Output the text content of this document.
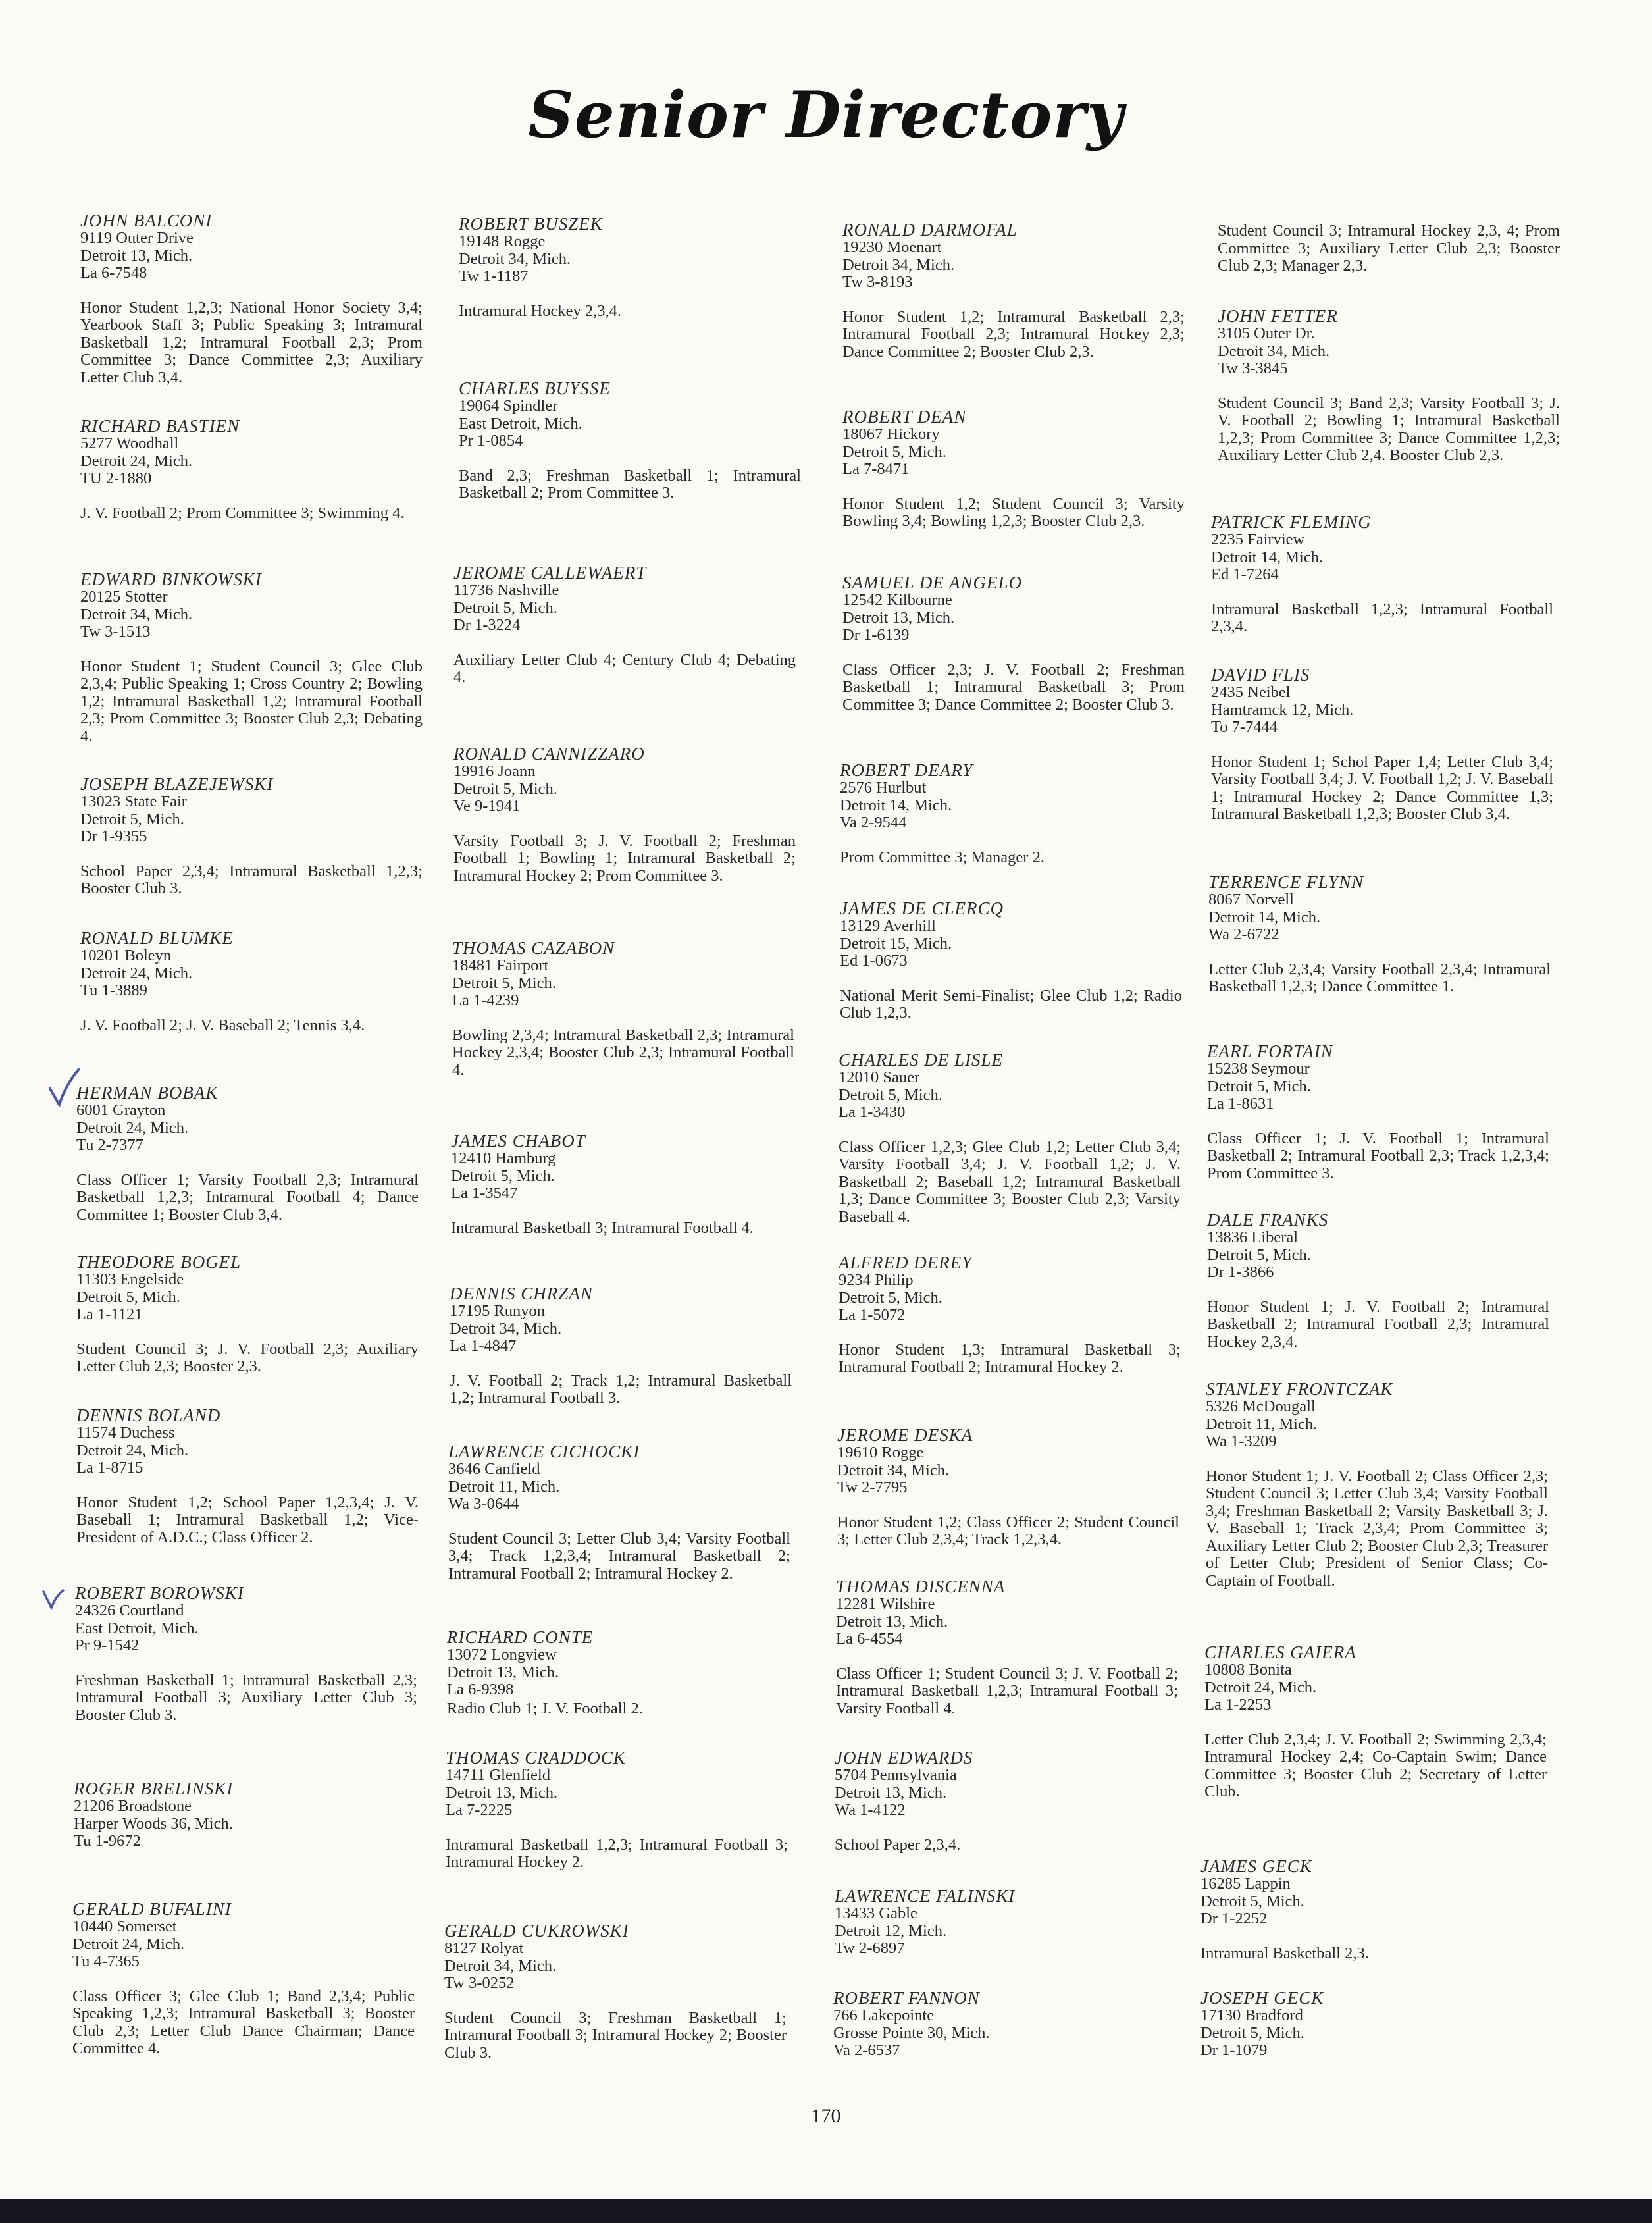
Senior Directory
JOHN BALCONI
9119 Outer Drive
Detroit 13, Mich.
La 6-7548
Honor Student 1,2,3; National Honor Society 3,4; Yearbook Staff 3; Public Speaking 3; Intramural Basketball 1,2; Intramural Football 2,3; Prom Committee 3; Dance Committee 2,3; Auxiliary Letter Club 3,4.
RICHARD BASTIEN
5277 Woodhall
Detroit 24, Mich.
TU 2-1880
J. V. Football 2; Prom Committee 3; Swimming 4.
EDWARD BINKOWSKI
20125 Stotter
Detroit 34, Mich.
Tw 3-1513
Honor Student 1; Student Council 3; Glee Club 2,3,4; Public Speaking 1; Cross Country 2; Bowling 1,2; Intramural Basketball 1,2; Intramural Football 2,3; Prom Committee 3; Booster Club 2,3; Debating 4.
JOSEPH BLAZEJEWSKI
13023 State Fair
Detroit 5, Mich.
Dr 1-9355
School Paper 2,3,4; Intramural Basketball 1,2,3; Booster Club 3.
RONALD BLUMKE
10201 Boleyn
Detroit 24, Mich.
Tu 1-3889
J. V. Football 2; J. V. Baseball 2; Tennis 3,4.
HERMAN BOBAK
6001 Grayton
Detroit 24, Mich.
Tu 2-7377
Class Officer 1; Varsity Football 2,3; Intramural Basketball 1,2,3; Intramural Football 4; Dance Committee 1; Booster Club 3,4.
THEODORE BOGEL
11303 Engelside
Detroit 5, Mich.
La 1-1121
Student Council 3; J. V. Football 2,3; Auxiliary Letter Club 2,3; Booster 2,3.
DENNIS BOLAND
11574 Duchess
Detroit 24, Mich.
La 1-8715
Honor Student 1,2; School Paper 1,2,3,4; J. V. Baseball 1; Intramural Basketball 1,2; Vice-President of A.D.C.; Class Officer 2.
ROBERT BOROWSKI
24326 Courtland
East Detroit, Mich.
Pr 9-1542
Freshman Basketball 1; Intramural Basketball 2,3; Intramural Football 3; Auxiliary Letter Club 3; Booster Club 3.
ROGER BRELINSKI
21206 Broadstone
Harper Woods 36, Mich.
Tu 1-9672
GERALD BUFALINI
10440 Somerset
Detroit 24, Mich.
Tu 4-7365
Class Officer 3; Glee Club 1; Band 2,3,4; Public Speaking 1,2,3; Intramural Basketball 3; Booster Club 2,3; Letter Club Dance Chairman; Dance Committee 4.
ROBERT BUSZEK
19148 Rogge
Detroit 34, Mich.
Tw 1-1187
Intramural Hockey 2,3,4.
CHARLES BUYSSE
19064 Spindler
East Detroit, Mich.
Pr 1-0854
Band 2,3; Freshman Basketball 1; Intramural Basketball 2; Prom Committee 3.
JEROME CALLEWAERT
11736 Nashville
Detroit 5, Mich.
Dr 1-3224
Auxiliary Letter Club 4; Century Club 4; Debating 4.
RONALD CANNIZZARO
19916 Joann
Detroit 5, Mich.
Ve 9-1941
Varsity Football 3; J. V. Football 2; Freshman Football 1; Bowling 1; Intramural Basketball 2; Intramural Hockey 2; Prom Committee 3.
THOMAS CAZABON
18481 Fairport
Detroit 5, Mich.
La 1-4239
Bowling 2,3,4; Intramural Basketball 2,3; Intramural Hockey 2,3,4; Booster Club 2,3; Intramural Football 4.
JAMES CHABOT
12410 Hamburg
Detroit 5, Mich.
La 1-3547
Intramural Basketball 3; Intramural Football 4.
DENNIS CHRZAN
17195 Runyon
Detroit 34, Mich.
La 1-4847
J. V. Football 2; Track 1,2; Intramural Basketball 1,2; Intramural Football 3.
LAWRENCE CICHOCKI
3646 Canfield
Detroit 11, Mich.
Wa 3-0644
Student Council 3; Letter Club 3,4; Varsity Football 3,4; Track 1,2,3,4; Intramural Basketball 2; Intramural Football 2; Intramural Hockey 2.
RICHARD CONTE
13072 Longview
Detroit 13, Mich.
La 6-9398
Radio Club 1; J. V. Football 2.
THOMAS CRADDOCK
14711 Glenfield
Detroit 13, Mich.
La 7-2225
Intramural Basketball 1,2,3; Intramural Football 3; Intramural Hockey 2.
GERALD CUKROWSKI
8127 Rolyat
Detroit 34, Mich.
Tw 3-0252
Student Council 3; Freshman Basketball 1; Intramural Football 3; Intramural Hockey 2; Booster Club 3.
RONALD DARMOFAL
19230 Moenart
Detroit 34, Mich.
Tw 3-8193
Honor Student 1,2; Intramural Basketball 2,3; Intramural Football 2,3; Intramural Hockey 2,3; Dance Committee 2; Booster Club 2,3.
ROBERT DEAN
18067 Hickory
Detroit 5, Mich.
La 7-8471
Honor Student 1,2; Student Council 3; Varsity Bowling 3,4; Bowling 1,2,3; Booster Club 2,3.
SAMUEL DE ANGELO
12542 Kilbourne
Detroit 13, Mich.
Dr 1-6139
Class Officer 2,3; J. V. Football 2; Freshman Basketball 1; Intramural Basketball 3; Prom Committee 3; Dance Committee 2; Booster Club 3.
ROBERT DEARY
2576 Hurlbut
Detroit 14, Mich.
Va 2-9544
Prom Committee 3; Manager 2.
JAMES DE CLERCQ
13129 Averhill
Detroit 15, Mich.
Ed 1-0673
National Merit Semi-Finalist; Glee Club 1,2; Radio Club 1,2,3.
CHARLES DE LISLE
12010 Sauer
Detroit 5, Mich.
La 1-3430
Class Officer 1,2,3; Glee Club 1,2; Letter Club 3,4; Varsity Football 3,4; J. V. Football 1,2; J. V. Basketball 2; Baseball 1,2; Intramural Basketball 1,3; Dance Committee 3; Booster Club 2,3; Varsity Baseball 4.
ALFRED DEREY
9234 Philip
Detroit 5, Mich.
La 1-5072
Honor Student 1,3; Intramural Basketball 3; Intramural Football 2; Intramural Hockey 2.
JEROME DESKA
19610 Rogge
Detroit 34, Mich.
Tw 2-7795
Honor Student 1,2; Class Officer 2; Student Council 3; Letter Club 2,3,4; Track 1,2,3,4.
THOMAS DISCENNA
12281 Wilshire
Detroit 13, Mich.
La 6-4554
Class Officer 1; Student Council 3; J. V. Football 2; Intramural Basketball 1,2,3; Intramural Football 3; Varsity Football 4.
JOHN EDWARDS
5704 Pennsylvania
Detroit 13, Mich.
Wa 1-4122
School Paper 2,3,4.
LAWRENCE FALINSKI
13433 Gable
Detroit 12, Mich.
Tw 2-6897
ROBERT FANNON
766 Lakepointe
Grosse Pointe 30, Mich.
Va 2-6537
Student Council 3; Intramural Hockey 2,3, 4; Prom Committee 3; Auxiliary Letter Club 2,3; Booster Club 2,3; Manager 2,3.
JOHN FETTER
3105 Outer Dr.
Detroit 34, Mich.
Tw 3-3845
Student Council 3; Band 2,3; Varsity Football 3; J. V. Football 2; Bowling 1; Intramural Basketball 1,2,3; Prom Committee 3; Dance Committee 1,2,3; Auxiliary Letter Club 2,4. Booster Club 2,3.
PATRICK FLEMING
2235 Fairview
Detroit 14, Mich.
Ed 1-7264
Intramural Basketball 1,2,3; Intramural Football 2,3,4.
DAVID FLIS
2435 Neibel
Hamtramck 12, Mich.
To 7-7444
Honor Student 1; Schol Paper 1,4; Letter Club 3,4; Varsity Football 3,4; J. V. Football 1,2; J. V. Baseball 1; Intramural Hockey 2; Dance Committee 1,3; Intramural Basketball 1,2,3; Booster Club 3,4.
TERRENCE FLYNN
8067 Norvell
Detroit 14, Mich.
Wa 2-6722
Letter Club 2,3,4; Varsity Football 2,3,4; Intramural Basketball 1,2,3; Dance Committee 1.
EARL FORTAIN
15238 Seymour
Detroit 5, Mich.
La 1-8631
Class Officer 1; J. V. Football 1; Intramural Basketball 2; Intramural Football 2,3; Track 1,2,3,4; Prom Committee 3.
DALE FRANKS
13836 Liberal
Detroit 5, Mich.
Dr 1-3866
Honor Student 1; J. V. Football 2; Intramural Basketball 2; Intramural Football 2,3; Intramural Hockey 2,3,4.
STANLEY FRONTCZAK
5326 McDougall
Detroit 11, Mich.
Wa 1-3209
Honor Student 1; J. V. Football 2; Class Officer 2,3; Student Council 3; Letter Club 3,4; Varsity Football 3,4; Freshman Basketball 2; Varsity Basketball 3; J. V. Baseball 1; Track 2,3,4; Prom Committee 3; Auxiliary Letter Club 2; Booster Club 2,3; Treasurer of Letter Club; President of Senior Class; Co-Captain of Football.
CHARLES GAIERA
10808 Bonita
Detroit 24, Mich.
La 1-2253
Letter Club 2,3,4; J. V. Football 2; Swimming 2,3,4; Intramural Hockey 2,4; Co-Captain Swim; Dance Committee 3; Booster Club 2; Secretary of Letter Club.
JAMES GECK
16285 Lappin
Detroit 5, Mich.
Dr 1-2252
Intramural Basketball 2,3.
JOSEPH GECK
17130 Bradford
Detroit 5, Mich.
Dr 1-1079
170
